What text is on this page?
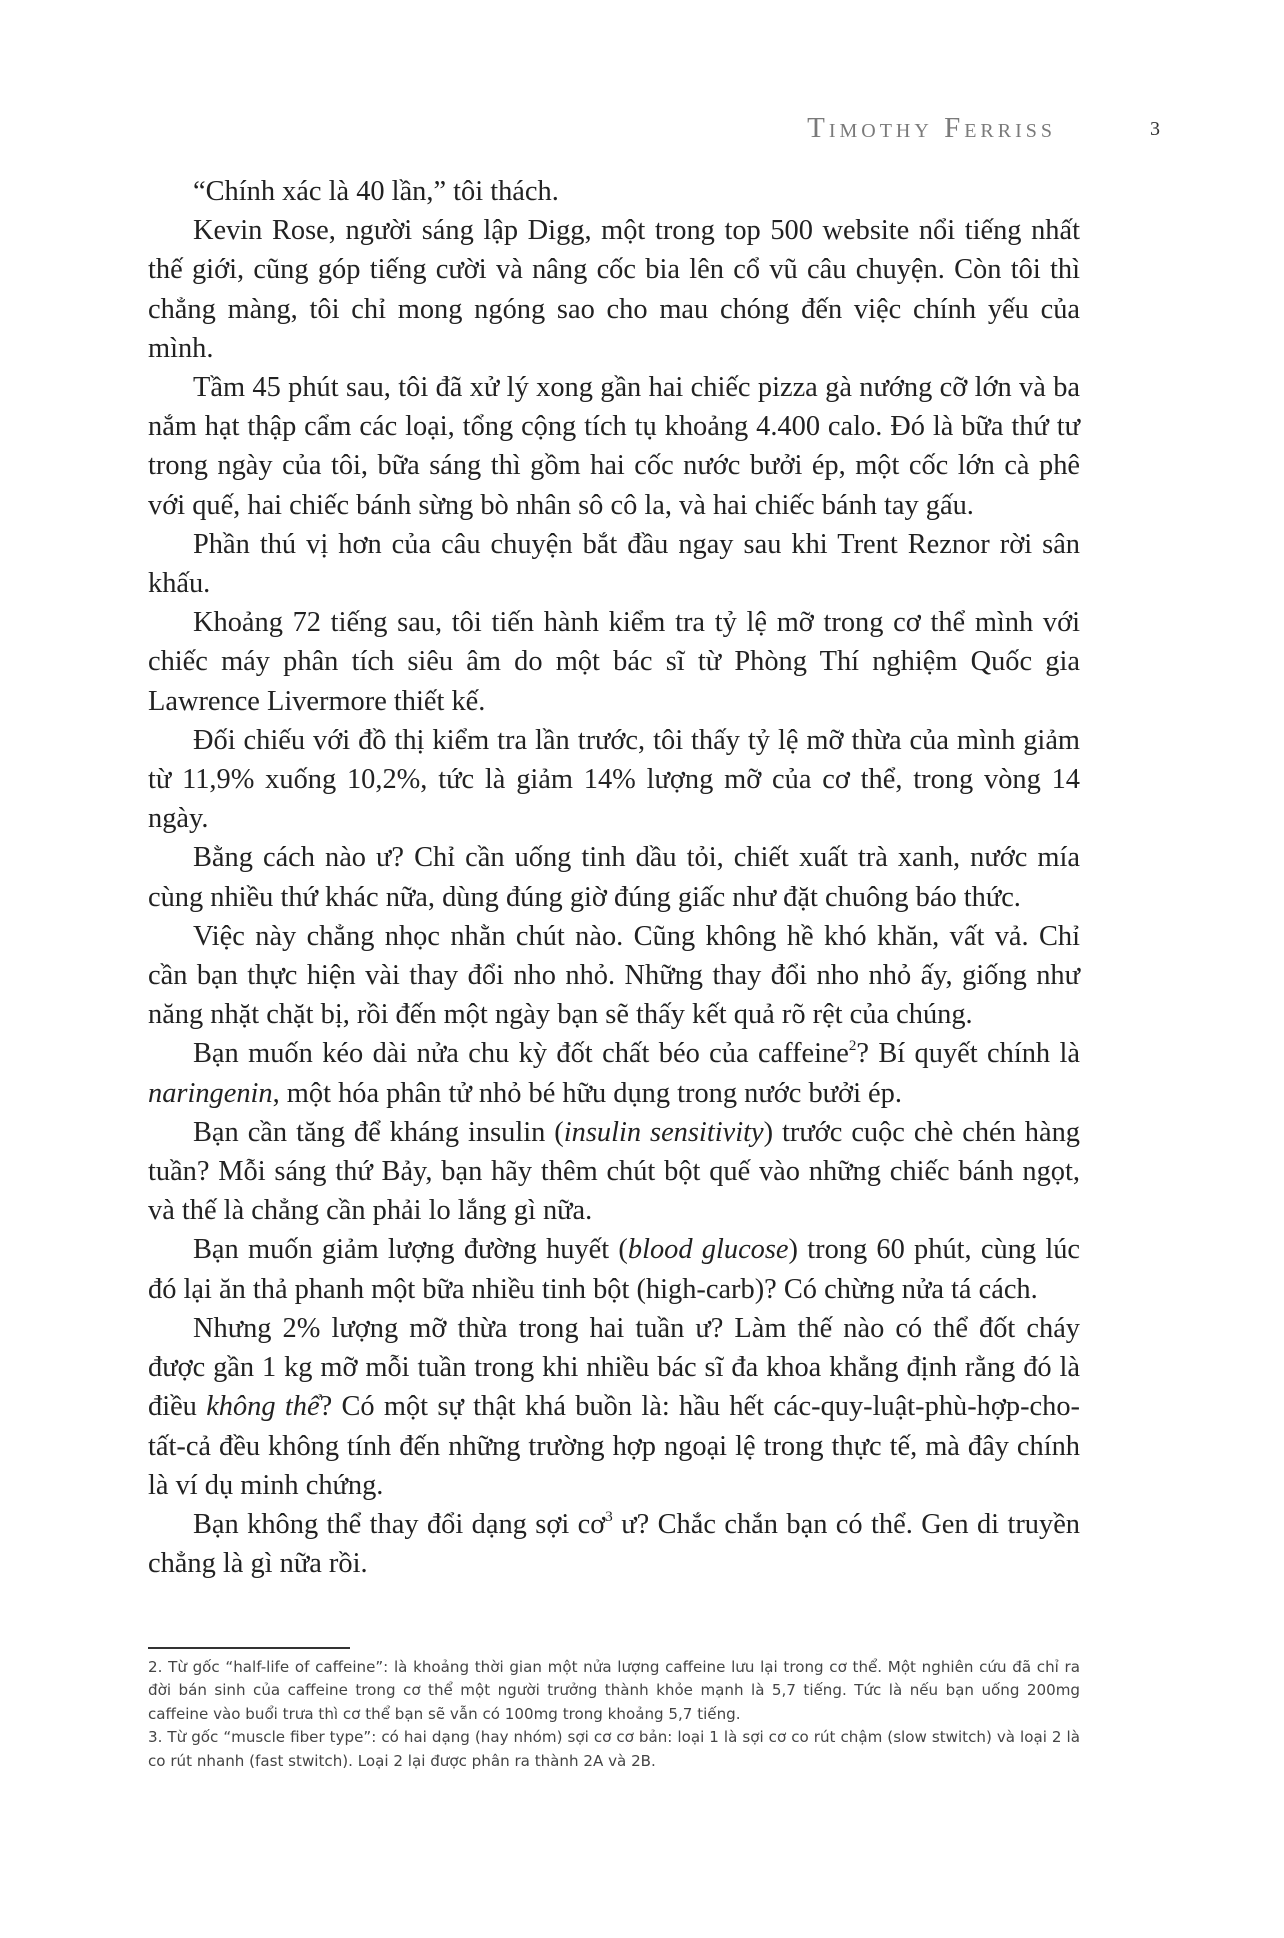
Timothy Ferriss	3

“Chính xác là 40 lần,” tôi thách.

Kevin Rose, người sáng lập Digg, một trong top 500 website nổi tiếng nhất thế giới, cũng góp tiếng cười và nâng cốc bia lên cổ vũ câu chuyện. Còn tôi thì chẳng màng, tôi chỉ mong ngóng sao cho mau chóng đến việc chính yếu của mình.

Tầm 45 phút sau, tôi đã xử lý xong gần hai chiếc pizza gà nướng cỡ lớn và ba nắm hạt thập cẩm các loại, tổng cộng tích tụ khoảng 4.400 calo. Đó là bữa thứ tư trong ngày của tôi, bữa sáng thì gồm hai cốc nước bưởi ép, một cốc lớn cà phê với quế, hai chiếc bánh sừng bò nhân sô cô la, và hai chiếc bánh tay gấu.

Phần thú vị hơn của câu chuyện bắt đầu ngay sau khi Trent Reznor rời sân khấu.

Khoảng 72 tiếng sau, tôi tiến hành kiểm tra tỷ lệ mỡ trong cơ thể mình với chiếc máy phân tích siêu âm do một bác sĩ từ Phòng Thí nghiệm Quốc gia Lawrence Livermore thiết kế.

Đối chiếu với đồ thị kiểm tra lần trước, tôi thấy tỷ lệ mỡ thừa của mình giảm từ 11,9% xuống 10,2%, tức là giảm 14% lượng mỡ của cơ thể, trong vòng 14 ngày.

Bằng cách nào ư? Chỉ cần uống tinh dầu tỏi, chiết xuất trà xanh, nước mía cùng nhiều thứ khác nữa, dùng đúng giờ đúng giấc như đặt chuông báo thức.

Việc này chẳng nhọc nhằn chút nào. Cũng không hề khó khăn, vất vả. Chỉ cần bạn thực hiện vài thay đổi nho nhỏ. Những thay đổi nho nhỏ ấy, giống như năng nhặt chặt bị, rồi đến một ngày bạn sẽ thấy kết quả rõ rệt của chúng.

Bạn muốn kéo dài nửa chu kỳ đốt chất béo của caffeine$^2$? Bí quyết chính là naringenin, một hóa phân tử nhỏ bé hữu dụng trong nước bưởi ép.

Bạn cần tăng để kháng insulin (insulin sensitivity) trước cuộc chè chén hàng tuần? Mỗi sáng thứ Bảy, bạn hãy thêm chút bột quế vào những chiếc bánh ngọt, và thế là chẳng cần phải lo lắng gì nữa.

Bạn muốn giảm lượng đường huyết (blood glucose) trong 60 phút, cùng lúc đó lại ăn thả phanh một bữa nhiều tinh bột (high-carb)? Có chừng nửa tá cách.

Nhưng 2% lượng mỡ thừa trong hai tuần ư? Làm thế nào có thể đốt cháy được gần 1 kg mỡ mỗi tuần trong khi nhiều bác sĩ đa khoa khẳng định rằng đó là điều không thể? Có một sự thật khá buồn là: hầu hết các-quy-luật-phù-hợp-cho-tất-cả đều không tính đến những trường hợp ngoại lệ trong thực tế, mà đây chính là ví dụ minh chứng.

Bạn không thể thay đổi dạng sợi $cơ^3$ ư? Chắc chắn bạn có thể. Gen di truyền chẳng là gì nữa rồi.

2. Từ gốc “half-life of caffeine”: là khoảng thời gian một nửa lượng caffeine lưu lại trong cơ thể. Một nghiên cứu đã chỉ ra đời bán sinh của caffeine trong cơ thể một người trưởng thành khỏe mạnh là 5,7 tiếng. Tức là nếu bạn uống 200mg caffeine vào buổi trưa thì cơ thể bạn sẽ vẫn có 100mg trong khoảng 5,7 tiếng.

3. Từ gốc “muscle fiber type”: có hai dạng (hay nhóm) sợi cơ cơ bản: loại 1 là sợi cơ co rút chậm (slow stwitch) và loại 2 là co rút nhanh (fast stwitch). Loại 2 lại được phân ra thành 2A và 2B.
